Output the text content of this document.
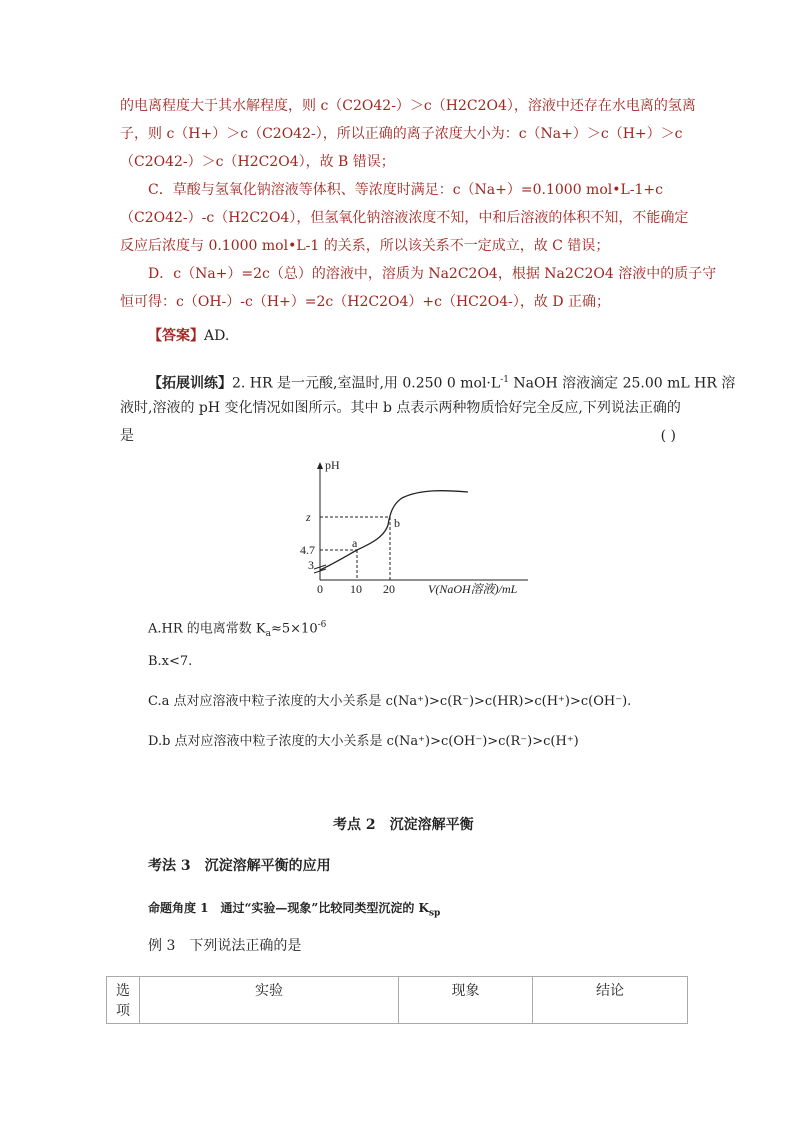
的电离程度大于其水解程度，则 c（C2O42-）＞c（H2C2O4），溶液中还存在水电离的氢离
子，则 c（H+）＞c（C2O42-），所以正确的离子浓度大小为：c（Na+）＞c（H+）＞c
（C2O42-）＞c（H2C2O4），故 B 错误；
C．草酸与氢氧化钠溶液等体积、等浓度时满足：c（Na+）=0.1000 mol•L-1+c
（C2O42-）-c（H2C2O4），但氢氧化钠溶液浓度不知，中和后溶液的体积不知，不能确定
反应后浓度与 0.1000 mol•L-1 的关系，所以该关系不一定成立，故 C 错误；
D．c（Na+）=2c（总）的溶液中，溶质为 Na2C2O4，根据 Na2C2O4 溶液中的质子守
恒可得：c（OH-）-c（H+）=2c（H2C2O4）+c（HC2O4-），故 D 正确；
【答案】AD.
【拓展训练】2. HR 是一元酸,室温时,用 0.250 0 $mol\cdot L^{-1}$ NaOH 溶液滴定 25.00 mL HR 溶
液时,溶液的 pH 变化情况如图所示。其中 b 点表示两种物质恰好完全反应,下列说法正确的
是	( )
pH
z
4.7
3
0 10 20	V(NaOH溶液)/mL
a
b
A.HR 的电离常数 $K_a\approx 5\times 10^{-6}$
B.x<7.
C.a 点对应溶液中粒子浓度的大小关系是 c(Na⁺)>c(R⁻)>c(HR)>c(H⁺)>c(OH⁻).
D.b 点对应溶液中粒子浓度的大小关系是 c(Na⁺)>c(OH⁻)>c(R⁻)>c(H⁺)
考点 2　沉淀溶解平衡
考法 3　沉淀溶解平衡的应用
命题角度 1　通过“实验—现象”比较同类型沉淀的 $K_{sp}$
例 3　下列说法正确的是
选项	实验	现象	结论
